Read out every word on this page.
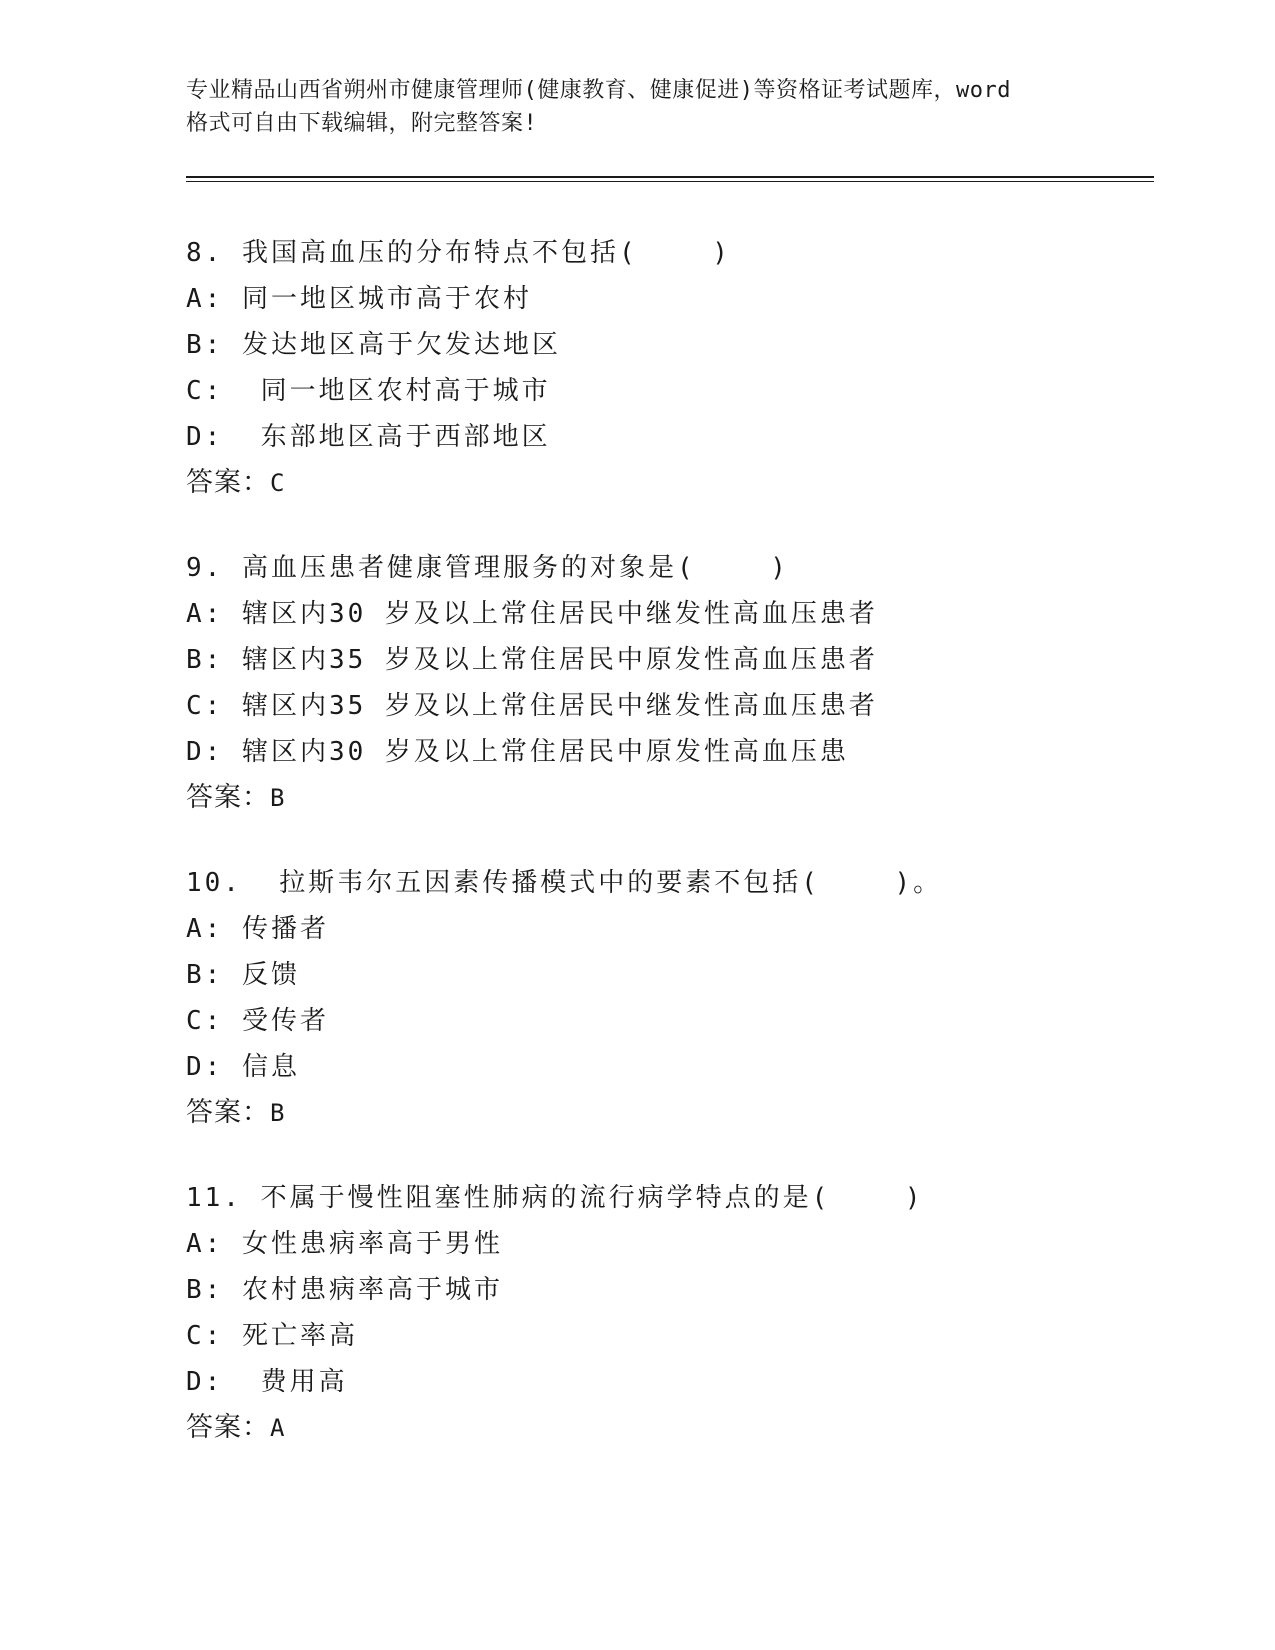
专业精品山西省朔州市健康管理师(健康教育、健康促进)等资格证考试题库，word
格式可自由下载编辑，附完整答案!
8. 我国高血压的分布特点不包括(    )
A: 同一地区城市高于农村
B: 发达地区高于欠发达地区
C:  同一地区农村高于城市
D:  东部地区高于西部地区
答案：C
9. 高血压患者健康管理服务的对象是(    )
A: 辖区内30 岁及以上常住居民中继发性高血压患者
B: 辖区内35 岁及以上常住居民中原发性高血压患者
C: 辖区内35 岁及以上常住居民中继发性高血压患者
D: 辖区内30 岁及以上常住居民中原发性高血压患
答案：B
10.  拉斯韦尔五因素传播模式中的要素不包括(    )。
A: 传播者
B: 反馈
C: 受传者
D: 信息
答案：B
11. 不属于慢性阻塞性肺病的流行病学特点的是(    )
A: 女性患病率高于男性
B: 农村患病率高于城市
C: 死亡率高
D:  费用高
答案：A
